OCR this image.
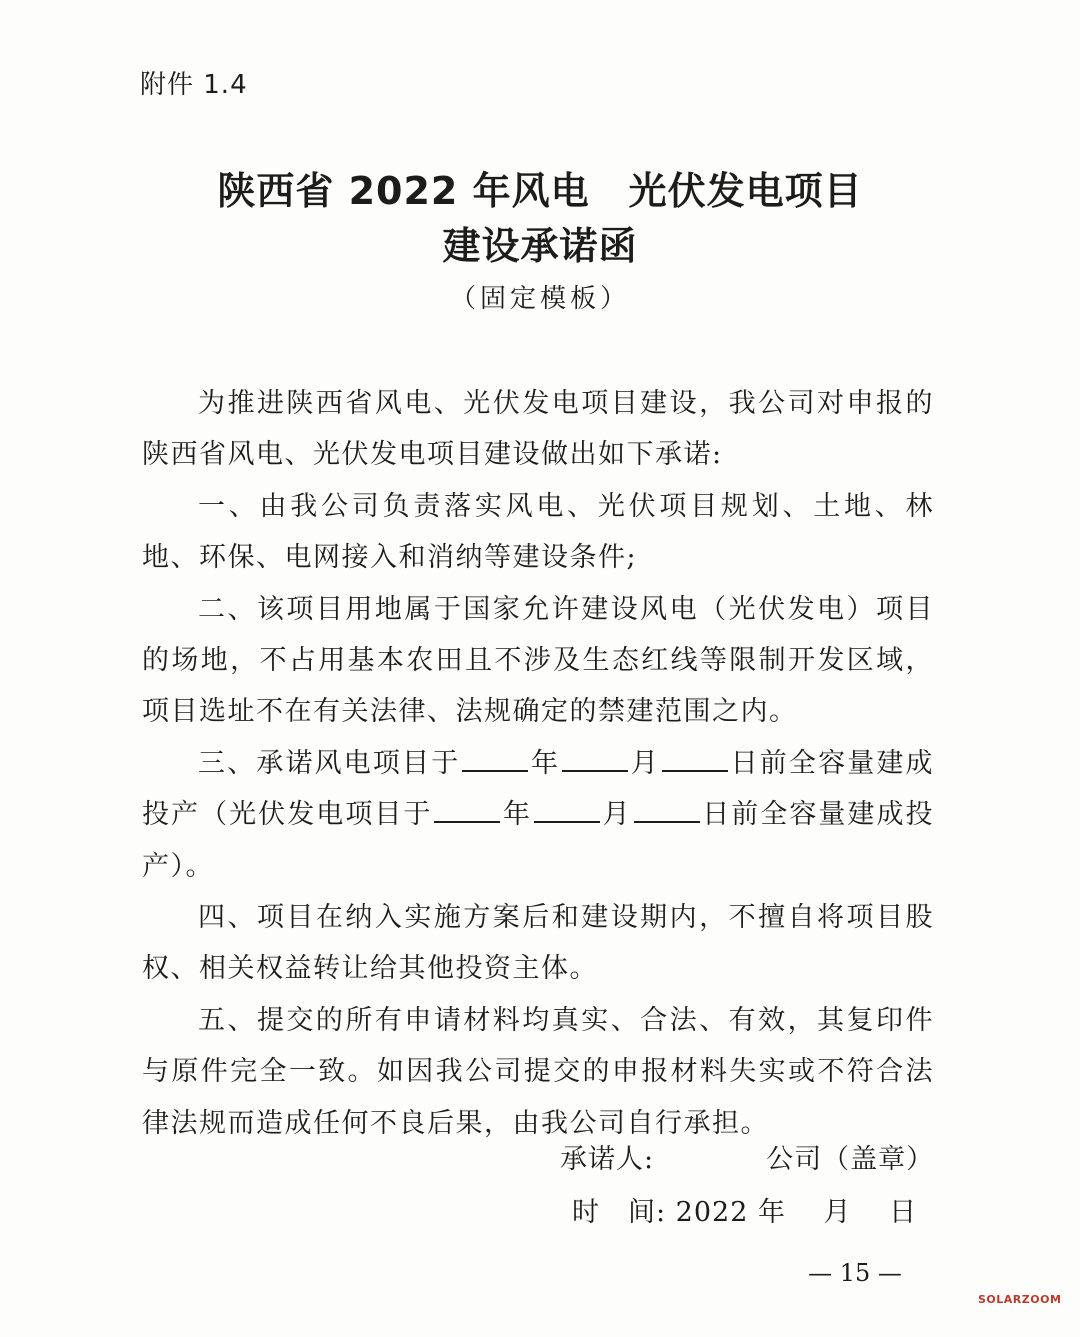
附件 1.4
陕西省 2022 年风电　光伏发电项目
建设承诺函
（固定模板）

为推进陕西省风电、光伏发电项目建设，我公司对申报的陕西省风电、光伏发电项目建设做出如下承诺:

一、由我公司负责落实风电、光伏项目规划、土地、林地、环保、电网接入和消纳等建设条件;

二、该项目用地属于国家允许建设风电（光伏发电）项目的场地，不占用基本农田且不涉及生态红线等限制开发区域，项目选址不在有关法律、法规确定的禁建范围之内。

三、承诺风电项目于	年	月	日前全容量建成投产（光伏发电项目于	年	月	日前全容量建成投产）。

四、项目在纳入实施方案后和建设期内，不擅自将项目股权、相关权益转让给其他投资主体。

五、提交的所有申请材料均真实、合法、有效，其复印件与原件完全一致。如因我公司提交的申报材料失实或不符合法律法规而造成任何不良后果，由我公司自行承担。

承诺人:　　　　公司（盖章）
时　间: 2022 年　 月　 日
— 15 —
SOLARZOOM
